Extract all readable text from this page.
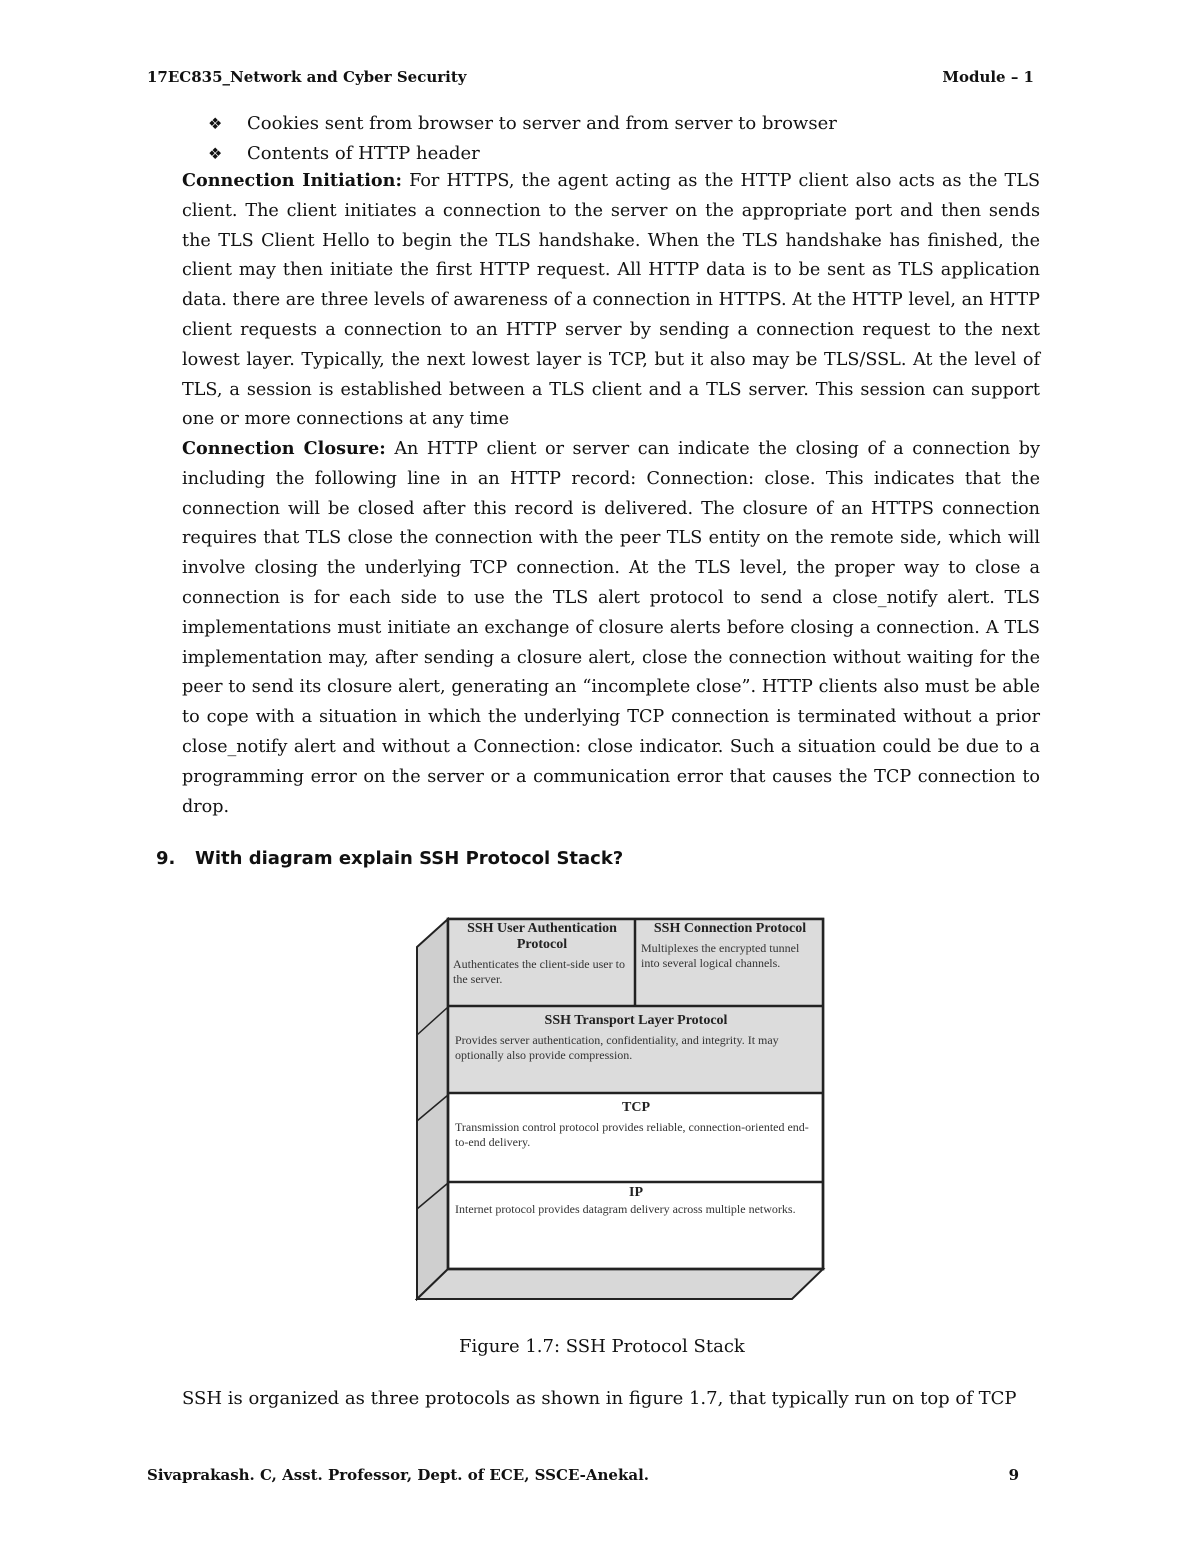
17EC835_Network and Cyber Security	Module – 1
❖	Cookies sent from browser to server and from server to browser
❖	Contents of HTTP header

Connection Initiation: For HTTPS, the agent acting as the HTTP client also acts as the TLS client. The client initiates a connection to the server on the appropriate port and then sends the TLS Client Hello to begin the TLS handshake. When the TLS handshake has finished, the client may then initiate the first HTTP request. All HTTP data is to be sent as TLS application data. there are three levels of awareness of a connection in HTTPS. At the HTTP level, an HTTP client requests a connection to an HTTP server by sending a connection request to the next lowest layer. Typically, the next lowest layer is TCP, but it also may be TLS/SSL. At the level of TLS, a session is established between a TLS client and a TLS server. This session can support one or more connections at any time

Connection Closure: An HTTP client or server can indicate the closing of a connection by including the following line in an HTTP record: Connection: close. This indicates that the connection will be closed after this record is delivered. The closure of an HTTPS connection requires that TLS close the connection with the peer TLS entity on the remote side, which will involve closing the underlying TCP connection. At the TLS level, the proper way to close a connection is for each side to use the TLS alert protocol to send a close_notify alert. TLS implementations must initiate an exchange of closure alerts before closing a connection. A TLS implementation may, after sending a closure alert, close the connection without waiting for the peer to send its closure alert, generating an “incomplete close”. HTTP clients also must be able to cope with a situation in which the underlying TCP connection is terminated without a prior close_notify alert and without a Connection: close indicator. Such a situation could be due to a programming error on the server or a communication error that causes the TCP connection to drop.

9. With diagram explain SSH Protocol Stack?
SSH User Authentication Protocol
Authenticates the client-side user to the server.
SSH Connection Protocol
Multiplexes the encrypted tunnel into several logical channels.
SSH Transport Layer Protocol
Provides server authentication, confidentiality, and integrity. It may optionally also provide compression.
TCP
Transmission control protocol provides reliable, connection-oriented end-to-end delivery.
IP
Internet protocol provides datagram delivery across multiple networks.
Figure 1.7: SSH Protocol Stack
SSH is organized as three protocols as shown in figure 1.7, that typically run on top of TCP
Sivaprakash. C, Asst. Professor, Dept. of ECE, SSCE-Anekal.	9
